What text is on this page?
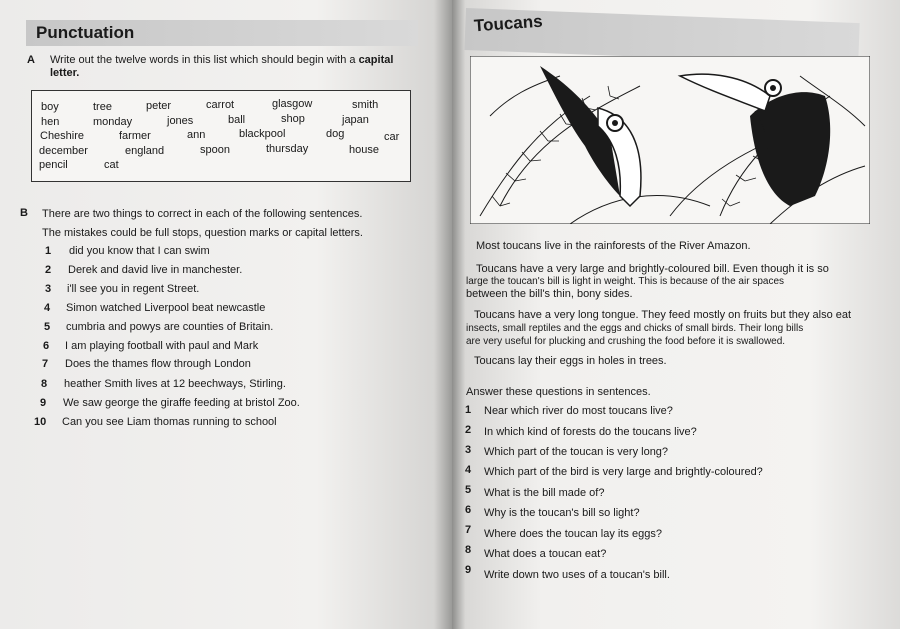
Punctuation
A Write out the twelve words in this list which should begin with a capital
letter.
boy	tree	peter	carrot	glasgow	smith
hen	monday	jones	ball	shop	japan
Cheshire	farmer	ann	blackpool	dog	car
december	england	spoon	thursday	house
pencil	cat
B There are two things to correct in each of the following sentences.
The mistakes could be full stops, question marks or capital letters.
1 did you know that I can swim
2 Derek and david live in manchester.
3 i'll see you in regent Street.
4 Simon watched Liverpool beat newcastle
5 cumbria and powys are counties of Britain.
6 I am playing football with paul and Mark
7 Does the thames flow through London
8 heather Smith lives at 12 beechways, Stirling.
9 We saw george the giraffe feeding at bristol Zoo.
10 Can you see Liam thomas running to school
Toucans
Most toucans live in the rainforests of the River Amazon.
Toucans have a very large and brightly-coloured bill. Even though it is so
large the toucan's bill is light in weight. This is because of the air spaces
between the bill's thin, bony sides.
Toucans have a very long tongue. They feed mostly on fruits but they also eat
insects, small reptiles and the eggs and chicks of small birds. Their long bills
are very useful for plucking and crushing the food before it is swallowed.
Toucans lay their eggs in holes in trees.
Answer these questions in sentences.
1 Near which river do most toucans live?
2 In which kind of forests do the toucans live?
3 Which part of the toucan is very long?
4 Which part of the bird is very large and brightly-coloured?
5 What is the bill made of?
6 Why is the toucan's bill so light?
7 Where does the toucan lay its eggs?
8 What does a toucan eat?
9 Write down two uses of a toucan's bill.
